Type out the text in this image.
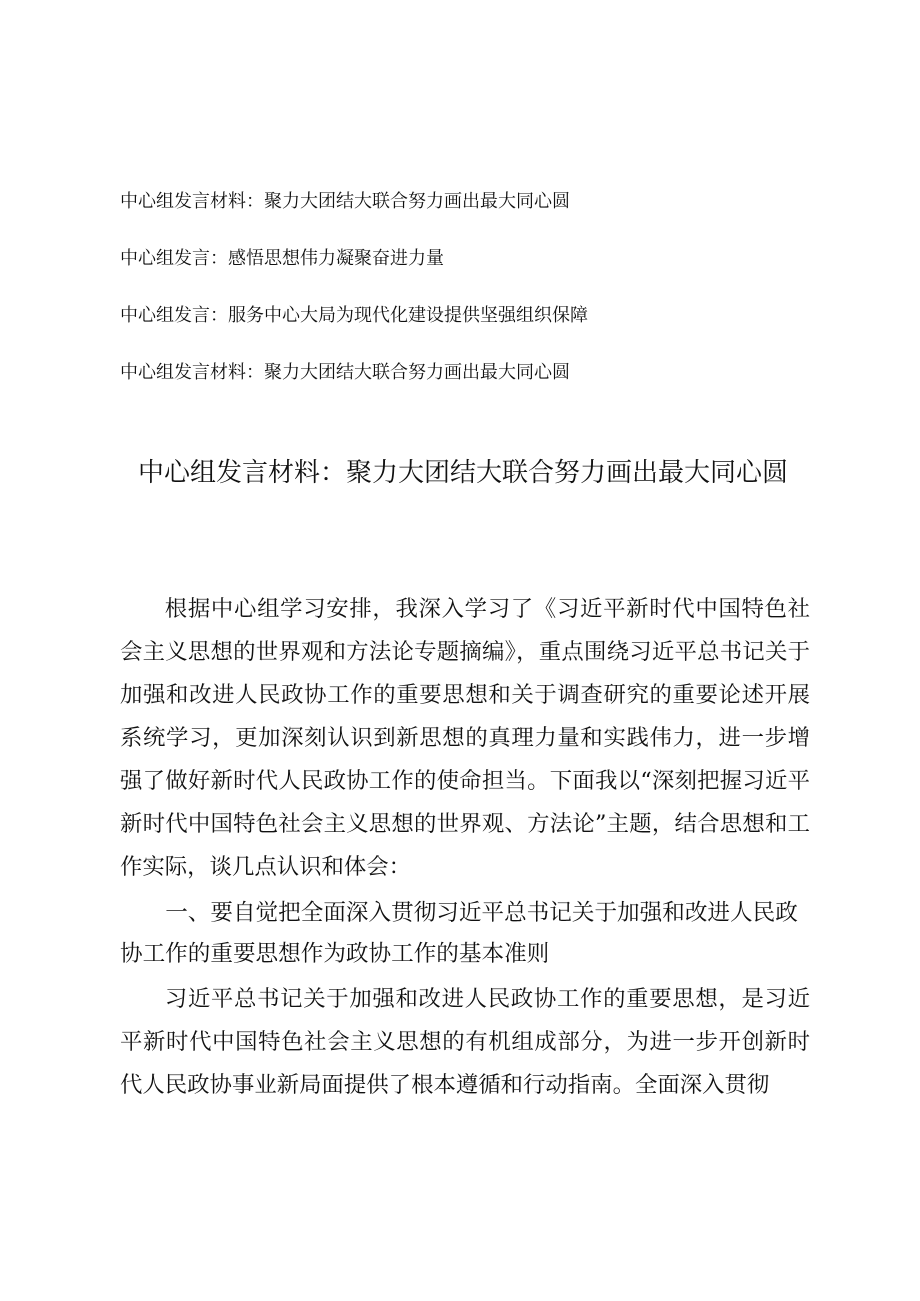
中心组发言材料：聚力大团结大联合努力画出最大同心圆
中心组发言：感悟思想伟力凝聚奋进力量
中心组发言：服务中心大局为现代化建设提供坚强组织保障
中心组发言材料：聚力大团结大联合努力画出最大同心圆
中心组发言材料：聚力大团结大联合努力画出最大同心圆

根据中心组学习安排，我深入学习了《习近平新时代中国特色社会主义思想的世界观和方法论专题摘编》，重点围绕习近平总书记关于加强和改进人民政协工作的重要思想和关于调查研究的重要论述开展系统学习，更加深刻认识到新思想的真理力量和实践伟力，进一步增强了做好新时代人民政协工作的使命担当。下面我以“深刻把握习近平新时代中国特色社会主义思想的世界观、方法论”主题，结合思想和工作实际，谈几点认识和体会：

一、要自觉把全面深入贯彻习近平总书记关于加强和改进人民政协工作的重要思想作为政协工作的基本准则

习近平总书记关于加强和改进人民政协工作的重要思想，是习近平新时代中国特色社会主义思想的有机组成部分，为进一步开创新时代人民政协事业新局面提供了根本遵循和行动指南。全面深入贯彻
